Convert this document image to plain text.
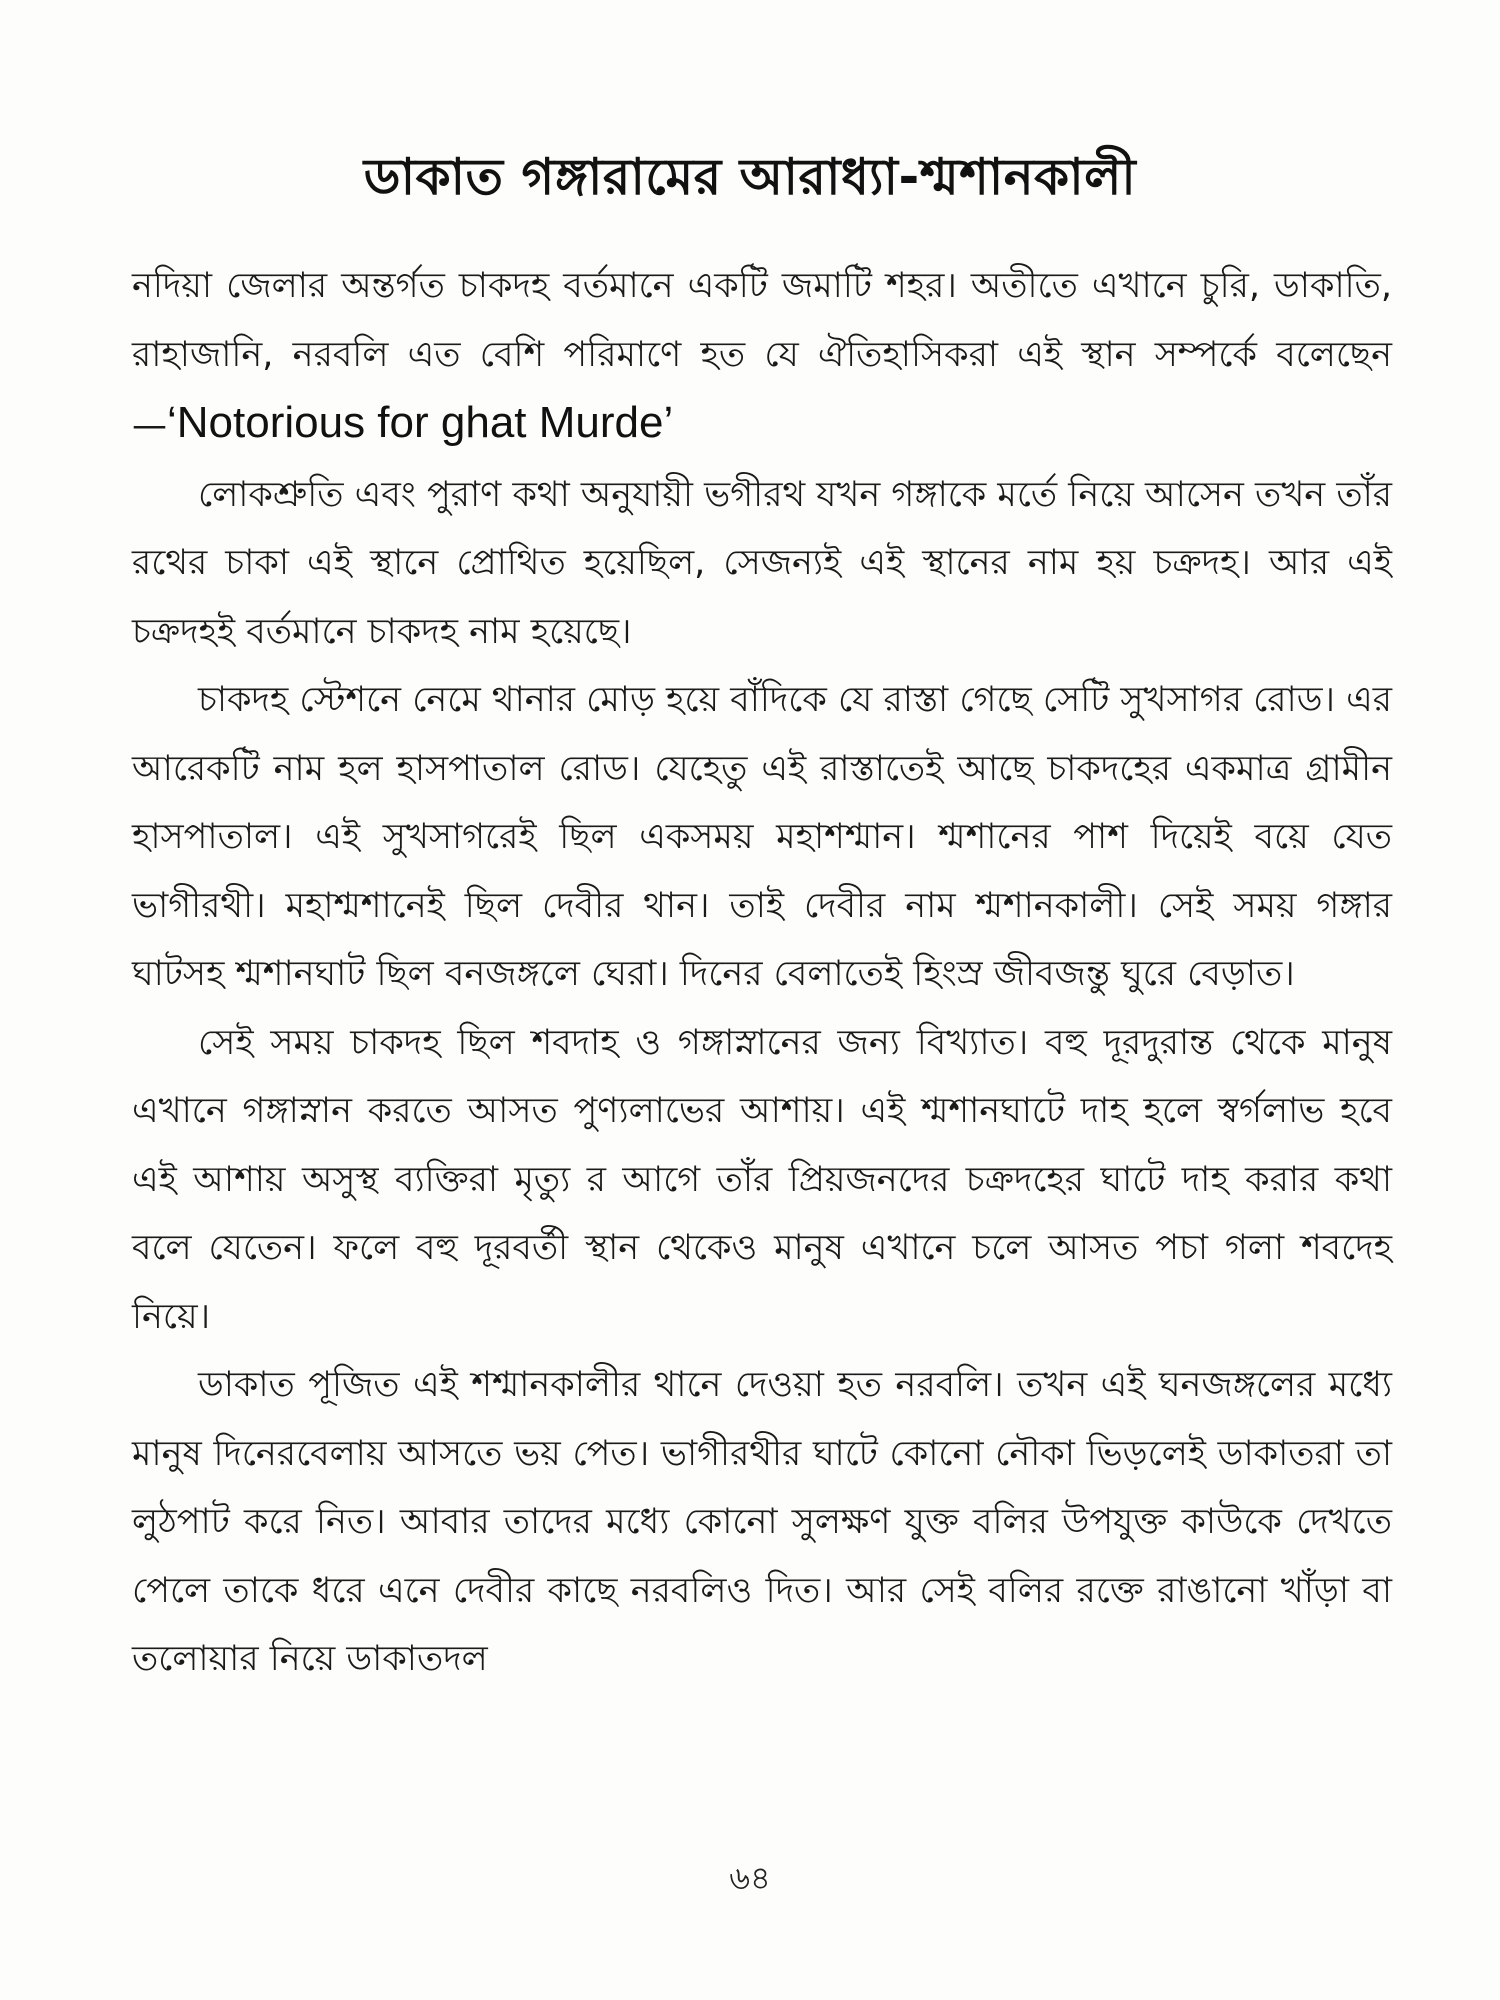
ডাকাত গঙ্গারামের আরাধ্যা-শ্মশানকালী

নদিয়া জেলার অন্তর্গত চাকদহ বর্তমানে একটি জমাটি শহর। অতীতে এখানে চুরি, ডাকাতি, রাহাজানি, নরবলি এত বেশি পরিমাণে হত যে ঐতিহাসিকরা এই স্থান সম্পর্কে বলেছেন—‘Notorious for ghat Murde’

লোকশ্রুতি এবং পুরাণ কথা অনুযায়ী ভগীরথ যখন গঙ্গাকে মর্তে নিয়ে আসেন তখন তাঁর রথের চাকা এই স্থানে প্রোথিত হয়েছিল, সেজন্যই এই স্থানের নাম হয় চক্রদহ। আর এই চক্রদহই বর্তমানে চাকদহ নাম হয়েছে।

চাকদহ স্টেশনে নেমে থানার মোড় হয়ে বাঁদিকে যে রাস্তা গেছে সেটি সুখসাগর রোড। এর আরেকটি নাম হল হাসপাতাল রোড। যেহেতু এই রাস্তাতেই আছে চাকদহের একমাত্র গ্রামীন হাসপাতাল। এই সুখসাগরেই ছিল একসময় মহাশশ্মান। শ্মশানের পাশ দিয়েই বয়ে যেত ভাগীরথী। মহাশ্মশানেই ছিল দেবীর থান। তাই দেবীর নাম শ্মশানকালী। সেই সময় গঙ্গার ঘাটসহ শ্মশানঘাট ছিল বনজঙ্গলে ঘেরা। দিনের বেলাতেই হিংস্র জীবজন্তু ঘুরে বেড়াত।

সেই সময় চাকদহ ছিল শবদাহ ও গঙ্গাস্নানের জন্য বিখ্যাত। বহু দূরদুরান্ত থেকে মানুষ এখানে গঙ্গাস্নান করতে আসত পুণ্যলাভের আশায়। এই শ্মশানঘাটে দাহ হলে স্বর্গলাভ হবে এই আশায় অসুস্থ ব্যক্তিরা মৃত্যু র আগে তাঁর প্রিয়জনদের চক্রদহের ঘাটে দাহ করার কথা বলে যেতেন। ফলে বহু দূরবর্তী স্থান থেকেও মানুষ এখানে চলে আসত পচা গলা শবদেহ নিয়ে।

ডাকাত পূজিত এই শশ্মানকালীর থানে দেওয়া হত নরবলি। তখন এই ঘনজঙ্গলের মধ্যে মানুষ দিনেরবেলায় আসতে ভয় পেত। ভাগীরথীর ঘাটে কোনো নৌকা ভিড়লেই ডাকাতরা তা লুঠপাট করে নিত। আবার তাদের মধ্যে কোনো সুলক্ষণ যুক্ত বলির উপযুক্ত কাউকে দেখতে পেলে তাকে ধরে এনে দেবীর কাছে নরবলিও দিত। আর সেই বলির রক্তে রাঙানো খাঁড়া বা তলোয়ার নিয়ে ডাকাতদল

৬৪
